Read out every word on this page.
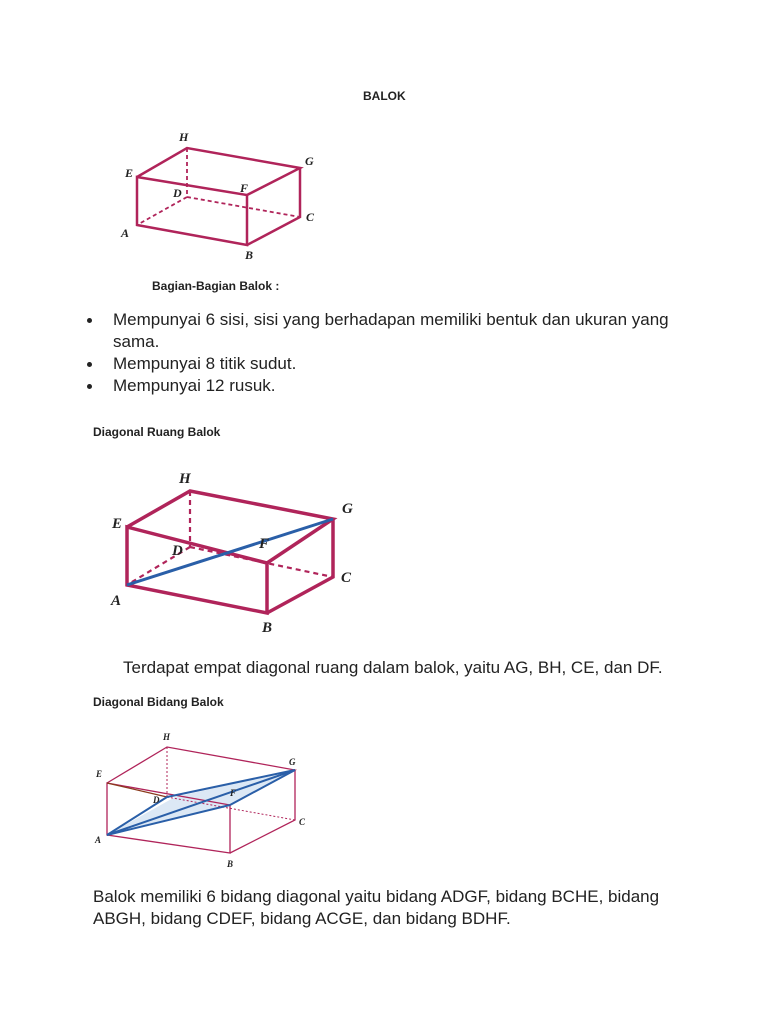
BALOK
A
B
C
D
E
F
G
H
Bagian-Bagian Balok :
Mempunyai 6 sisi, sisi yang berhadapan memiliki bentuk dan ukuran yang
sama.
Mempunyai 8 titik sudut.
Mempunyai 12 rusuk.
Diagonal Ruang Balok
A
B
C
D
E
F
G
H
Terdapat empat diagonal ruang dalam balok, yaitu AG, BH, CE, dan DF.
Diagonal Bidang Balok
A
B
C
D
E
F
G
H
Balok memiliki 6 bidang diagonal yaitu bidang ADGF, bidang BCHE, bidang
ABGH, bidang CDEF, bidang ACGE, dan bidang BDHF.
